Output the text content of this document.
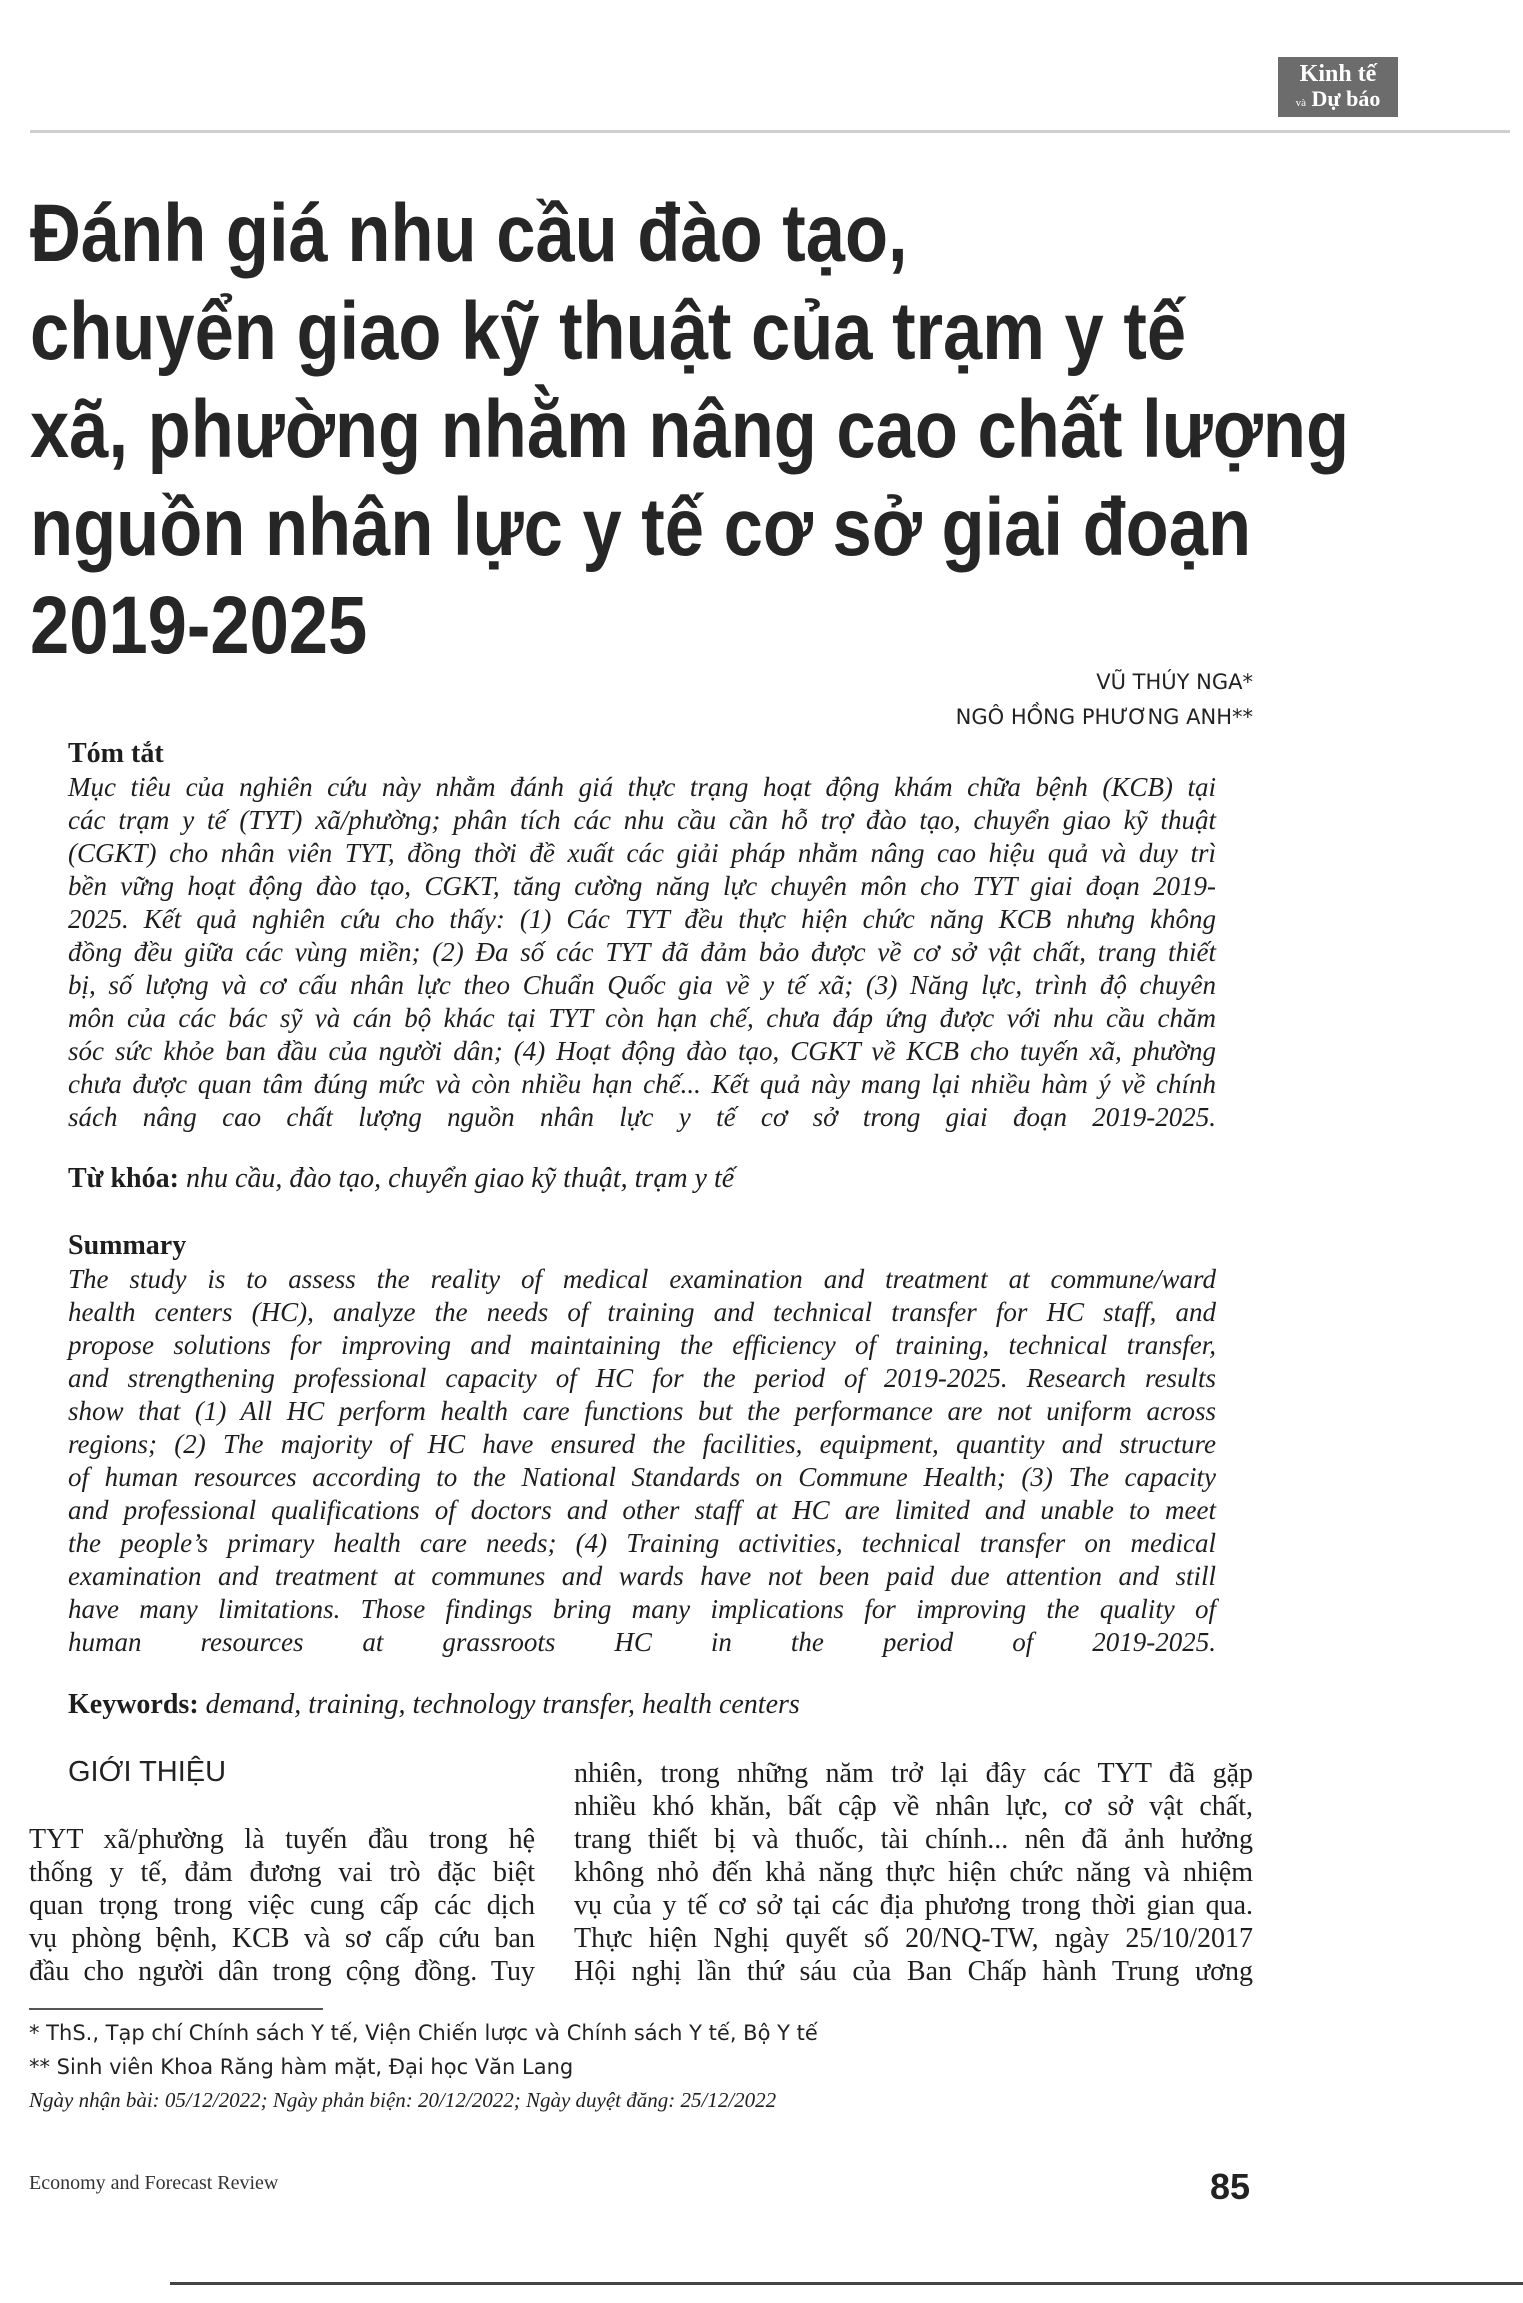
Kinh tế
và Dự báo
Đánh giá nhu cầu đào tạo,
chuyển giao kỹ thuật của trạm y tế
xã, phường nhằm nâng cao chất lượng
nguồn nhân lực y tế cơ sở giai đoạn
2019-2025
VŨ THÚY NGA*
NGÔ HỒNG PHƯƠNG ANH**
Tóm tắt
Mục tiêu của nghiên cứu này nhằm đánh giá thực trạng hoạt động khám chữa bệnh (KCB) tại
các trạm y tế (TYT) xã/phường; phân tích các nhu cầu cần hỗ trợ đào tạo, chuyển giao kỹ thuật
(CGKT) cho nhân viên TYT, đồng thời đề xuất các giải pháp nhằm nâng cao hiệu quả và duy trì
bền vững hoạt động đào tạo, CGKT, tăng cường năng lực chuyên môn cho TYT giai đoạn 2019-
2025. Kết quả nghiên cứu cho thấy: (1) Các TYT đều thực hiện chức năng KCB nhưng không
đồng đều giữa các vùng miền; (2) Đa số các TYT đã đảm bảo được về cơ sở vật chất, trang thiết
bị, số lượng và cơ cấu nhân lực theo Chuẩn Quốc gia về y tế xã; (3) Năng lực, trình độ chuyên
môn của các bác sỹ và cán bộ khác tại TYT còn hạn chế, chưa đáp ứng được với nhu cầu chăm
sóc sức khỏe ban đầu của người dân; (4) Hoạt động đào tạo, CGKT về KCB cho tuyến xã, phường
chưa được quan tâm đúng mức và còn nhiều hạn chế... Kết quả này mang lại nhiều hàm ý về chính
sách nâng cao chất lượng nguồn nhân lực y tế cơ sở trong giai đoạn 2019-2025.
Từ khóa: nhu cầu, đào tạo, chuyển giao kỹ thuật, trạm y tế
Summary
The study is to assess the reality of medical examination and treatment at commune/ward
health centers (HC), analyze the needs of training and technical transfer for HC staff, and
propose solutions for improving and maintaining the efficiency of training, technical transfer,
and strengthening professional capacity of HC for the period of 2019-2025. Research results
show that (1) All HC perform health care functions but the performance are not uniform across
regions; (2) The majority of HC have ensured the facilities, equipment, quantity and structure
of human resources according to the National Standards on Commune Health; (3) The capacity
and professional qualifications of doctors and other staff at HC are limited and unable to meet
the people’s primary health care needs; (4) Training activities, technical transfer on medical
examination and treatment at communes and wards have not been paid due attention and still
have many limitations. Those findings bring many implications for improving the quality of
human resources at grassroots HC in the period of 2019-2025.
Keywords: demand, training, technology transfer, health centers
GIỚI THIỆU
TYT xã/phường là tuyến đầu trong hệ
thống y tế, đảm đương vai trò đặc biệt
quan trọng trong việc cung cấp các dịch
vụ phòng bệnh, KCB và sơ cấp cứu ban
đầu cho người dân trong cộng đồng. Tuy
nhiên, trong những năm trở lại đây các TYT đã gặp
nhiều khó khăn, bất cập về nhân lực, cơ sở vật chất,
trang thiết bị và thuốc, tài chính... nên đã ảnh hưởng
không nhỏ đến khả năng thực hiện chức năng và nhiệm
vụ của y tế cơ sở tại các địa phương trong thời gian qua.
Thực hiện Nghị quyết số 20/NQ-TW, ngày 25/10/2017
Hội nghị lần thứ sáu của Ban Chấp hành Trung ương
* ThS., Tạp chí Chính sách Y tế, Viện Chiến lược và Chính sách Y tế, Bộ Y tế
** Sinh viên Khoa Răng hàm mặt, Đại học Văn Lang
Ngày nhận bài: 05/12/2022; Ngày phản biện: 20/12/2022; Ngày duyệt đăng: 25/12/2022
Economy and Forecast Review	85
